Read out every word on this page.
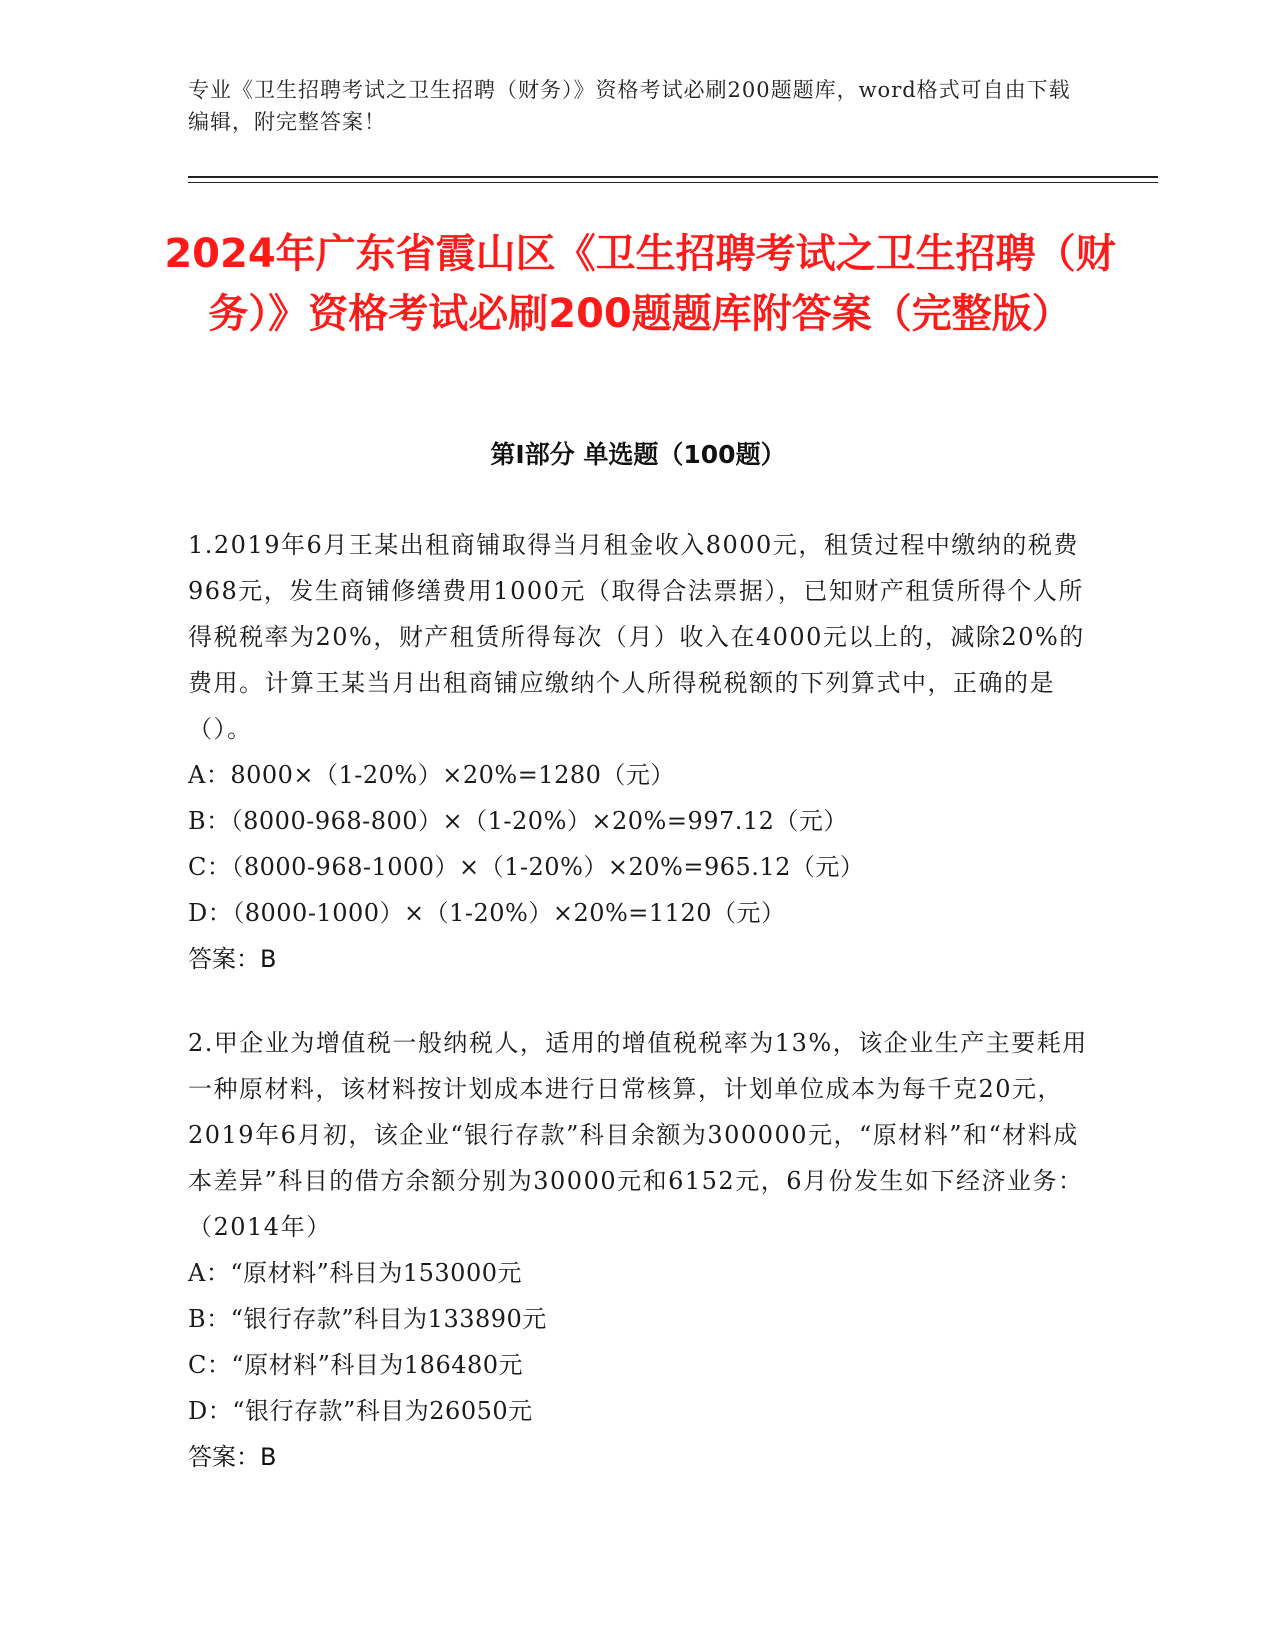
专业《卫生招聘考试之卫生招聘（财务）》资格考试必刷200题题库，word格式可自由下载编辑，附完整答案！
2024年广东省霞山区《卫生招聘考试之卫生招聘（财务）》资格考试必刷200题题库附答案（完整版）
第Ⅰ部分 单选题（100题）
1.2019年6月王某出租商铺取得当月租金收入8000元，租赁过程中缴纳的税费968元，发生商铺修缮费用1000元（取得合法票据），已知财产租赁所得个人所得税税率为20%，财产租赁所得每次（月）收入在4000元以上的，减除20%的费用。计算王某当月出租商铺应缴纳个人所得税税额的下列算式中，正确的是（）。
A：8000×（1-20%）×20%=1280（元）
B：（8000-968-800）×（1-20%）×20%=997.12（元）
C：（8000-968-1000）×（1-20%）×20%=965.12（元）
D：（8000-1000）×（1-20%）×20%=1120（元）
答案：B
2.甲企业为增值税一般纳税人，适用的增值税税率为13%，该企业生产主要耗用一种原材料，该材料按计划成本进行日常核算，计划单位成本为每千克20元，2019年6月初，该企业“银行存款”科目余额为300000元，“原材料”和“材料成本差异”科目的借方余额分别为30000元和6152元，6月份发生如下经济业务：（2014年）
A：“原材料”科目为153000元
B：“银行存款”科目为133890元
C：“原材料”科目为186480元
D：“银行存款”科目为26050元
答案：B
